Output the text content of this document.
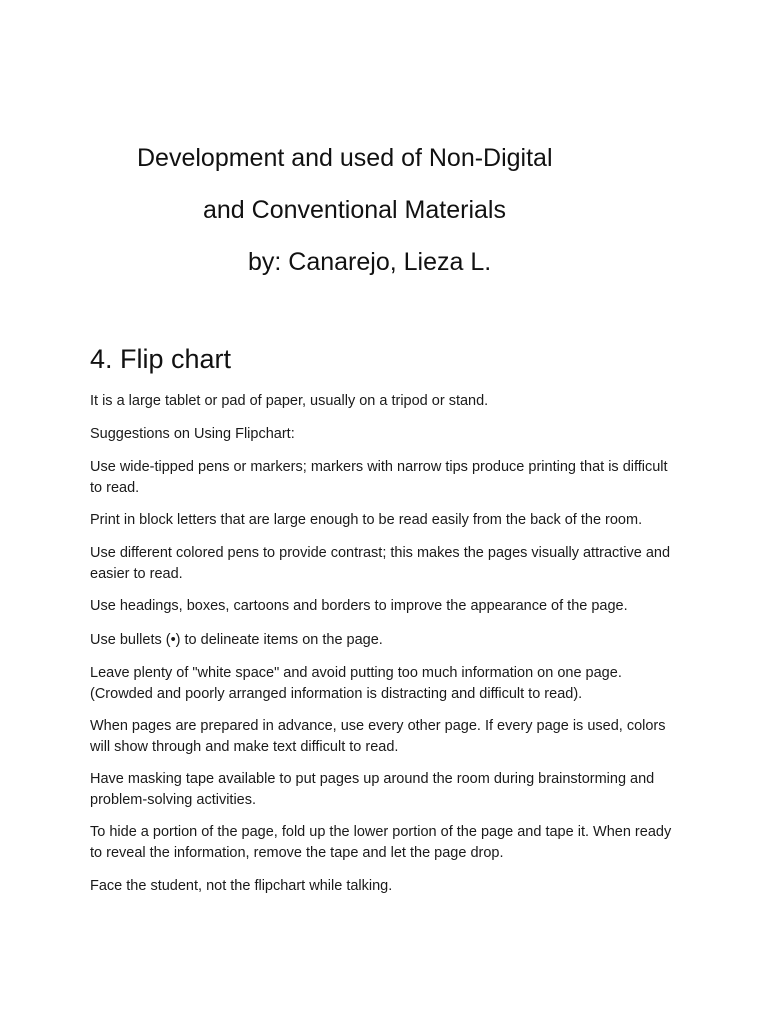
Development and used of Non-Digital
and Conventional Materials
by: Canarejo, Lieza L.
4. Flip chart

It is a large tablet or pad of paper, usually on a tripod or stand.

Suggestions on Using Flipchart:

Use wide-tipped pens or markers; markers with narrow tips produce printing that is difficult to read.

Print in block letters that are large enough to be read easily from the back of the room.

Use different colored pens to provide contrast; this makes the pages visually attractive and easier to read.

Use headings, boxes, cartoons and borders to improve the appearance of the page.

Use bullets (•) to delineate items on the page.

Leave plenty of "white space" and avoid putting too much information on one page. (Crowded and poorly arranged information is distracting and difficult to read).

When pages are prepared in advance, use every other page. If every page is used, colors will show through and make text difficult to read.

Have masking tape available to put pages up around the room during brainstorming and problem-solving activities.

To hide a portion of the page, fold up the lower portion of the page and tape it. When ready to reveal the information, remove the tape and let the page drop.

Face the student, not the flipchart while talking.
